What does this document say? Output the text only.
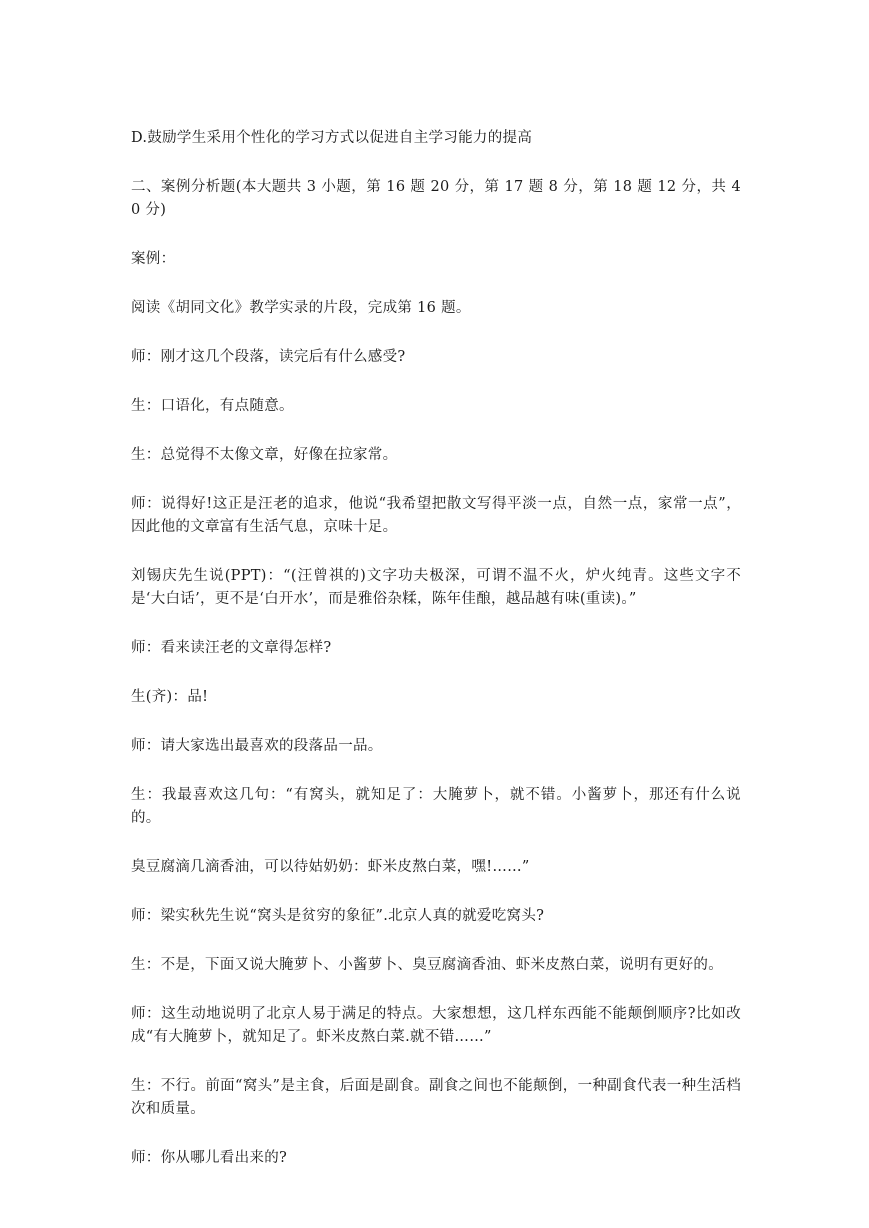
D.鼓励学生采用个性化的学习方式以促进自主学习能力的提高

二、案例分析题(本大题共 3 小题，第 16 题 20 分，第 17 题 8 分，第 18 题 12 分，共 40 分)

案例：

阅读《胡同文化》教学实录的片段，完成第 16 题。

师：刚才这几个段落，读完后有什么感受?

生：口语化，有点随意。

生：总觉得不太像文章，好像在拉家常。

师：说得好!这正是汪老的追求，他说“我希望把散文写得平淡一点，自然一点，家常一点”，因此他的文章富有生活气息，京味十足。

刘锡庆先生说(PPT)：“(汪曾祺的)文字功夫极深，可谓不温不火，炉火纯青。这些文字不是‘大白话’，更不是‘白开水’，而是雅俗杂糅，陈年佳酿，越品越有味(重读)。”

师：看来读汪老的文章得怎样?

生(齐)：品!

师：请大家选出最喜欢的段落品一品。

生：我最喜欢这几句：“有窝头，就知足了：大腌萝卜，就不错。小酱萝卜，那还有什么说的。

臭豆腐滴几滴香油，可以待姑奶奶：虾米皮熬白菜，嘿!……”

师：梁实秋先生说“窝头是贫穷的象征”.北京人真的就爱吃窝头?

生：不是，下面又说大腌萝卜、小酱萝卜、臭豆腐滴香油、虾米皮熬白菜，说明有更好的。

师：这生动地说明了北京人易于满足的特点。大家想想，这几样东西能不能颠倒顺序?比如改成“有大腌萝卜，就知足了。虾米皮熬白菜.就不错……”

生：不行。前面“窝头”是主食，后面是副食。副食之间也不能颠倒，一种副食代表一种生活档次和质量。

师：你从哪儿看出来的?
